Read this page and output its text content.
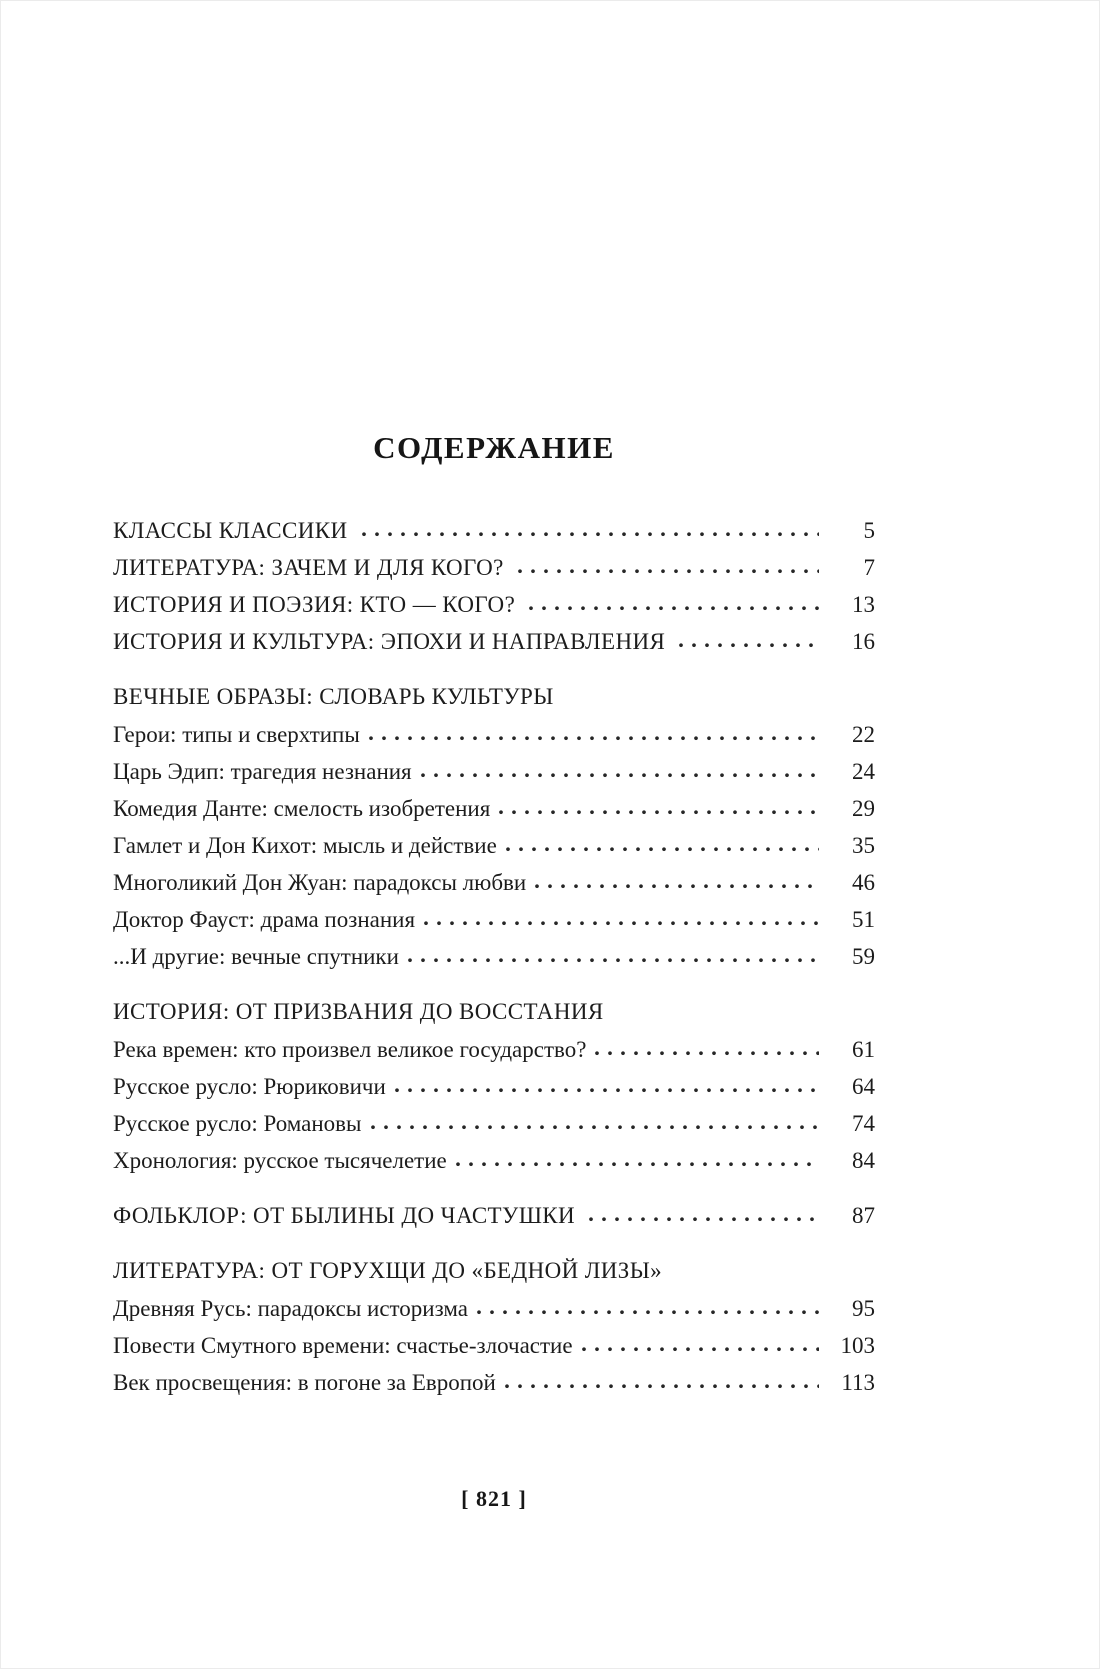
СОДЕРЖАНИЕ
КЛАССЫ КЛАССИКИ	5
ЛИТЕРАТУРА: ЗАЧЕМ И ДЛЯ КОГО?	7
ИСТОРИЯ И ПОЭЗИЯ: КТО — КОГО?	13
ИСТОРИЯ И КУЛЬТУРА: ЭПОХИ И НАПРАВЛЕНИЯ	16
ВЕЧНЫЕ ОБРАЗЫ: СЛОВАРЬ КУЛЬТУРЫ
Герои: типы и сверхтипы	22
Царь Эдип: трагедия незнания	24
Комедия Данте: смелость изобретения	29
Гамлет и Дон Кихот: мысль и действие	35
Многоликий Дон Жуан: парадоксы любви	46
Доктор Фауст: драма познания	51
...И другие: вечные спутники	59
ИСТОРИЯ: ОТ ПРИЗВАНИЯ ДО ВОССТАНИЯ
Река времен: кто произвел великое государство?	61
Русское русло: Рюриковичи	64
Русское русло: Романовы	74
Хронология: русское тысячелетие	84
ФОЛЬКЛОР: ОТ БЫЛИНЫ ДО ЧАСТУШКИ	87
ЛИТЕРАТУРА: ОТ ГОРУХЩИ ДО «БЕДНОЙ ЛИЗЫ»
Древняя Русь: парадоксы историзма	95
Повести Смутного времени: счастье-злочастие	103
Век просвещения: в погоне за Европой	113
[ 821 ]
